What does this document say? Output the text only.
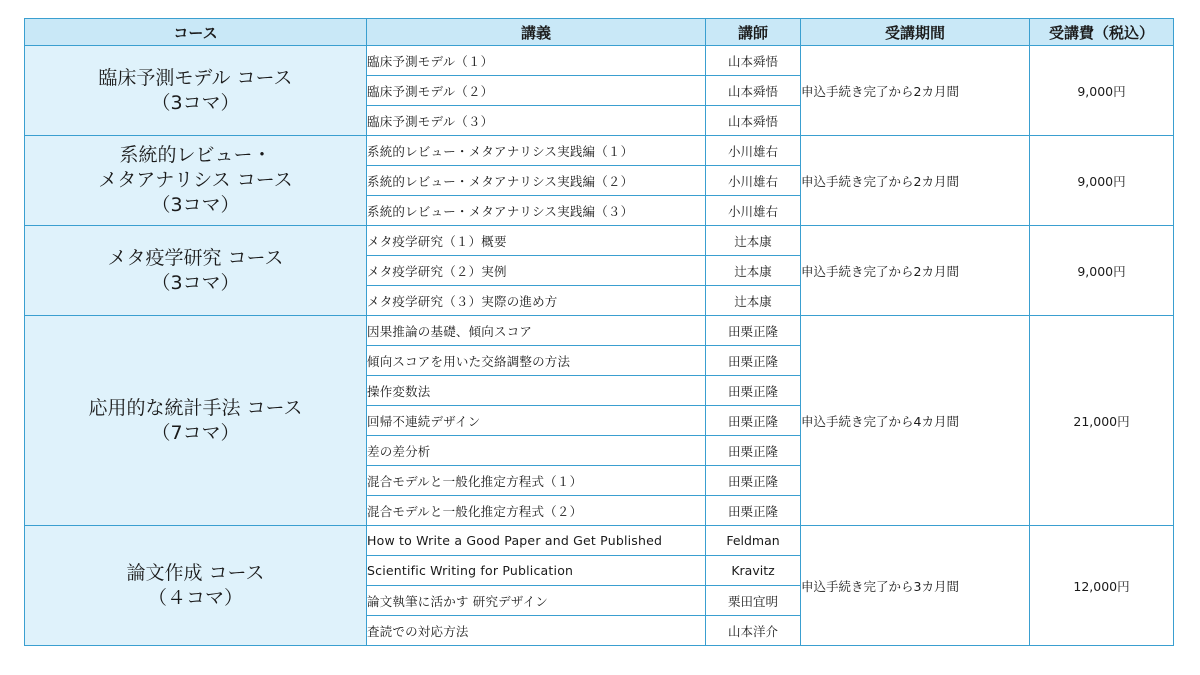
コース	講義	講師	受講期間	受講費（税込）

臨床予測モデル コース
（3コマ）	臨床予測モデル（１）	山本舜悟	申込手続き完了から2カ月間	9,000円
	臨床予測モデル（２）	山本舜悟		
	臨床予測モデル（３）	山本舜悟		

系統的レビュー・
メタアナリシス コース
（3コマ）	系統的レビュー・メタアナリシス実践編（１）	小川雄右	申込手続き完了から2カ月間	9,000円
	系統的レビュー・メタアナリシス実践編（２）	小川雄右		
	系統的レビュー・メタアナリシス実践編（３）	小川雄右		

メタ疫学研究 コース
（3コマ）	メタ疫学研究（１）概要	辻本康	申込手続き完了から2カ月間	9,000円
	メタ疫学研究（２）実例	辻本康		
	メタ疫学研究（３）実際の進め方	辻本康		

応用的な統計手法 コース
（7コマ）	因果推論の基礎、傾向スコア	田栗正隆	申込手続き完了から4カ月間	21,000円
	傾向スコアを用いた交絡調整の方法	田栗正隆		
	操作変数法	田栗正隆		
	回帰不連続デザイン	田栗正隆		
	差の差分析	田栗正隆		
	混合モデルと一般化推定方程式（１）	田栗正隆		
	混合モデルと一般化推定方程式（２）	田栗正隆		

論文作成 コース
（４コマ）	How to Write a Good Paper and Get Published	Feldman	申込手続き完了から3カ月間	12,000円
	Scientific Writing for Publication	Kravitz		
	論文執筆に活かす 研究デザイン	栗田宜明		
	査読での対応方法	山本洋介		
